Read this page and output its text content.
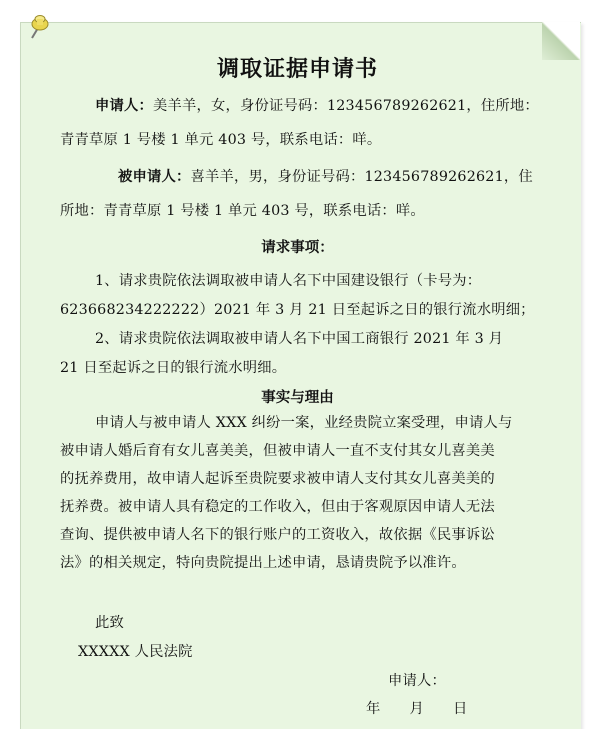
调取证据申请书
申请人：美羊羊，女，身份证号码：123456789262621，住所地：
青青草原 1 号楼 1 单元 403 号，联系电话：咩。
被申请人：喜羊羊，男，身份证号码：123456789262621，住
所地：青青草原 1 号楼 1 单元 403 号，联系电话：咩。
请求事项：
1、请求贵院依法调取被申请人名下中国建设银行（卡号为：
623668234222222）2021 年 3 月 21 日至起诉之日的银行流水明细；
2、请求贵院依法调取被申请人名下中国工商银行 2021 年 3 月
21 日至起诉之日的银行流水明细。
事实与理由
申请人与被申请人 XXX 纠纷一案，业经贵院立案受理，申请人与
被申请人婚后育有女儿喜美美，但被申请人一直不支付其女儿喜美美
的抚养费用，故申请人起诉至贵院要求被申请人支付其女儿喜美美的
抚养费。被申请人具有稳定的工作收入，但由于客观原因申请人无法
查询、提供被申请人名下的银行账户的工资收入，故依据《民事诉讼
法》的相关规定，特向贵院提出上述申请，恳请贵院予以准许。
此致
XXXXX 人民法院
申请人：
年　　月　　日
